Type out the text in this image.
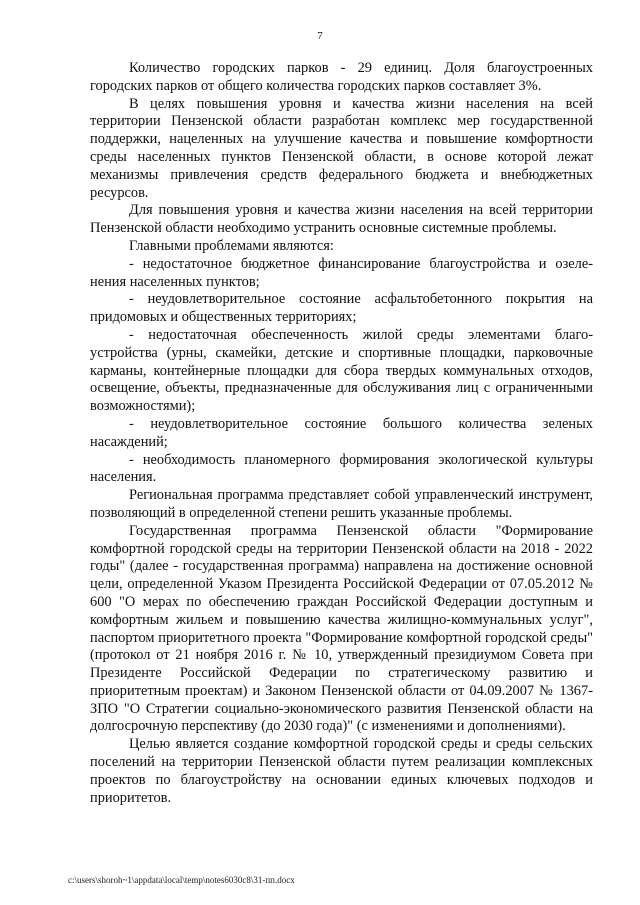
7

Количество городских парков - 29 единиц. Доля благоустроенных городских парков от общего количества городских парков составляет 3%.

В целях повышения уровня и качества жизни населения на всей территории Пензенской области разработан комплекс мер государственной поддержки, нацеленных на улучшение качества и повышение комфортности среды населенных пунктов Пензенской области, в основе которой лежат механизмы привлечения средств федерального бюджета и внебюджетных ресурсов.

Для повышения уровня и качества жизни населения на всей территории Пензенской области необходимо устранить основные системные проблемы.

Главными проблемами являются:

- недостаточное бюджетное финансирование благоустройства и озеле-нения населенных пунктов;

- неудовлетворительное состояние асфальтобетонного покрытия на придомовых и общественных территориях;

- недостаточная обеспеченность жилой среды элементами благо-устройства (урны, скамейки, детские и спортивные площадки, парковочные карманы, контейнерные площадки для сбора твердых коммунальных отходов, освещение, объекты, предназначенные для обслуживания лиц с ограниченными возможностями);

- неудовлетворительное состояние большого количества зеленых насаждений;

- необходимость планомерного формирования экологической культуры населения.

Региональная программа представляет собой управленческий инструмент, позволяющий в определенной степени решить указанные проблемы.

Государственная программа Пензенской области "Формирование комфортной городской среды на территории Пензенской области на 2018 - 2022 годы" (далее - государственная программа) направлена на достижение основной цели, определенной Указом Президента Российской Федерации от 07.05.2012 № 600 "О мерах по обеспечению граждан Российской Федерации доступным и комфортным жильем и повышению качества жилищно-коммунальных услуг", паспортом приоритетного проекта "Формирование комфортной городской среды" (протокол от 21 ноября 2016 г. № 10, утвержденный президиумом Совета при Президенте Российской Федерации по стратегическому развитию и приоритетным проектам) и Законом Пензенской области от 04.09.2007 № 1367-ЗПО "О Стратегии социально-экономического развития Пензенской области на долгосрочную перспективу (до 2030 года)" (с изменениями и дополнениями).

Целью является создание комфортной городской среды и среды сельских поселений на территории Пензенской области путем реализации комплексных проектов по благоустройству на основании единых ключевых подходов и приоритетов.

c:\users\shoroh~1\appdata\local\temp\notes6030c8\31-пп.docx
